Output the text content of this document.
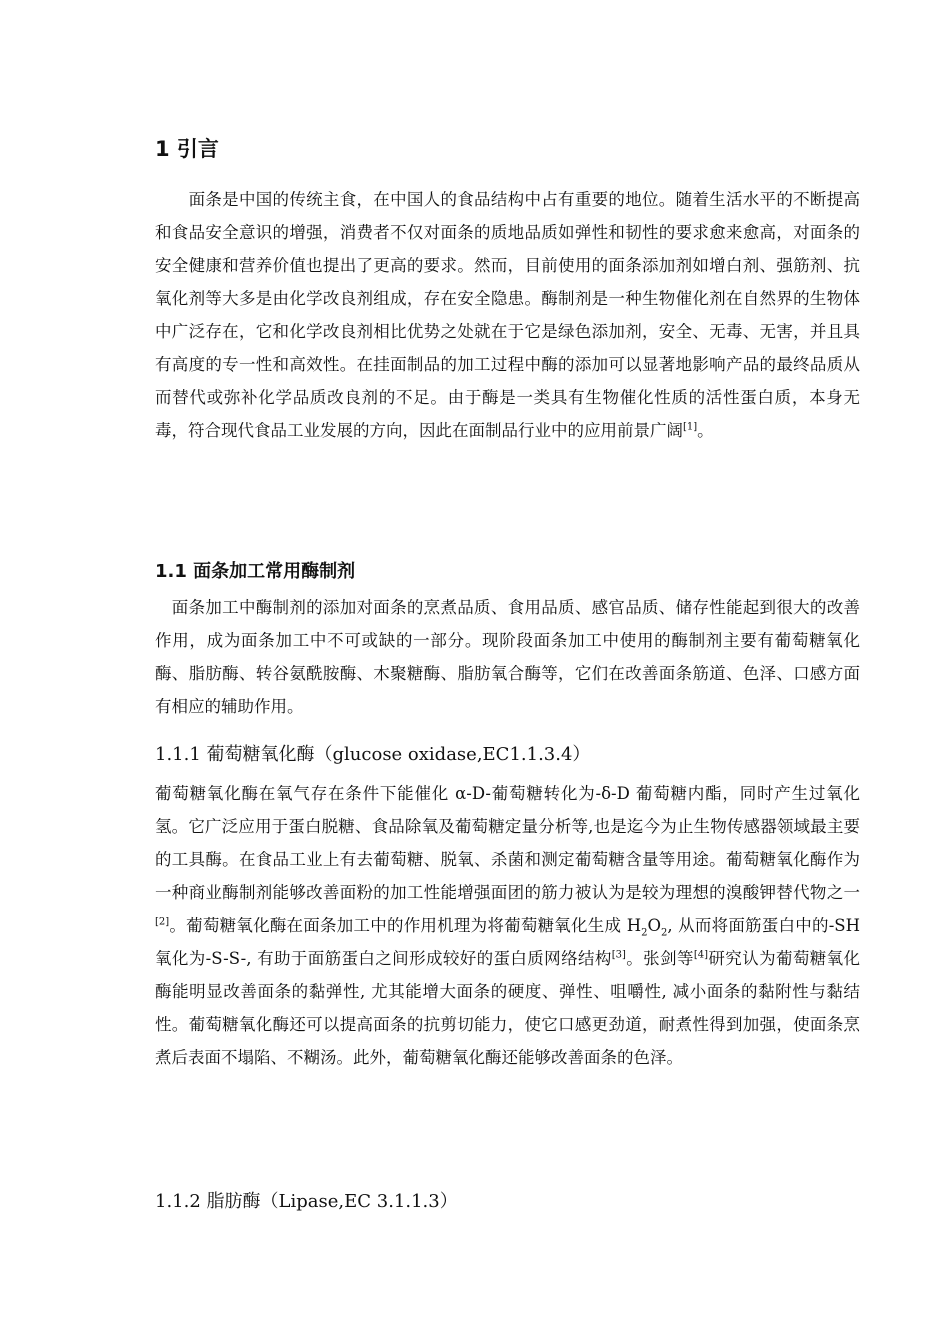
1 引言
　　面条是中国的传统主食，在中国人的食品结构中占有重要的地位。随着生活水平的不断提高和食品安全意识的增强，消费者不仅对面条的质地品质如弹性和韧性的要求愈来愈高，对面条的安全健康和营养价值也提出了更高的要求。然而，目前使用的面条添加剂如增白剂、强筋剂、抗氧化剂等大多是由化学改良剂组成，存在安全隐患。酶制剂是一种生物催化剂在自然界的生物体中广泛存在，它和化学改良剂相比优势之处就在于它是绿色添加剂，安全、无毒、无害，并且具有高度的专一性和高效性。在挂面制品的加工过程中酶的添加可以显著地影响产品的最终品质从而替代或弥补化学品质改良剂的不足。由于酶是一类具有生物催化性质的活性蛋白质，本身无毒，符合现代食品工业发展的方向，因此在面制品行业中的应用前景广阔[1]。
1.1 面条加工常用酶制剂
　面条加工中酶制剂的添加对面条的烹煮品质、食用品质、感官品质、储存性能起到很大的改善作用，成为面条加工中不可或缺的一部分。现阶段面条加工中使用的酶制剂主要有葡萄糖氧化酶、脂肪酶、转谷氨酰胺酶、木聚糖酶、脂肪氧合酶等，它们在改善面条筋道、色泽、口感方面有相应的辅助作用。
1.1.1 葡萄糖氧化酶（glucose oxidase,EC1.1.3.4）
葡萄糖氧化酶在氧气存在条件下能催化 α-D-葡萄糖转化为-δ-D 葡萄糖内酯，同时产生过氧化氢。它广泛应用于蛋白脱糖、食品除氧及葡萄糖定量分析等,也是迄今为止生物传感器领域最主要的工具酶。在食品工业上有去葡萄糖、脱氧、杀菌和测定葡萄糖含量等用途。葡萄糖氧化酶作为一种商业酶制剂能够改善面粉的加工性能增强面团的筋力被认为是较为理想的溴酸钾替代物之一[2]。葡萄糖氧化酶在面条加工中的作用机理为将葡萄糖氧化生成 $H_2O_2$, 从而将面筋蛋白中的-SH 氧化为-S-S-, 有助于面筋蛋白之间形成较好的蛋白质网络结构[3]。张剑等[4]研究认为葡萄糖氧化酶能明显改善面条的黏弹性, 尤其能增大面条的硬度、弹性、咀嚼性, 减小面条的黏附性与黏结性。葡萄糖氧化酶还可以提高面条的抗剪切能力，使它口感更劲道，耐煮性得到加强，使面条烹煮后表面不塌陷、不糊汤。此外，葡萄糖氧化酶还能够改善面条的色泽。
1.1.2 脂肪酶（Lipase,EC 3.1.1.3）
